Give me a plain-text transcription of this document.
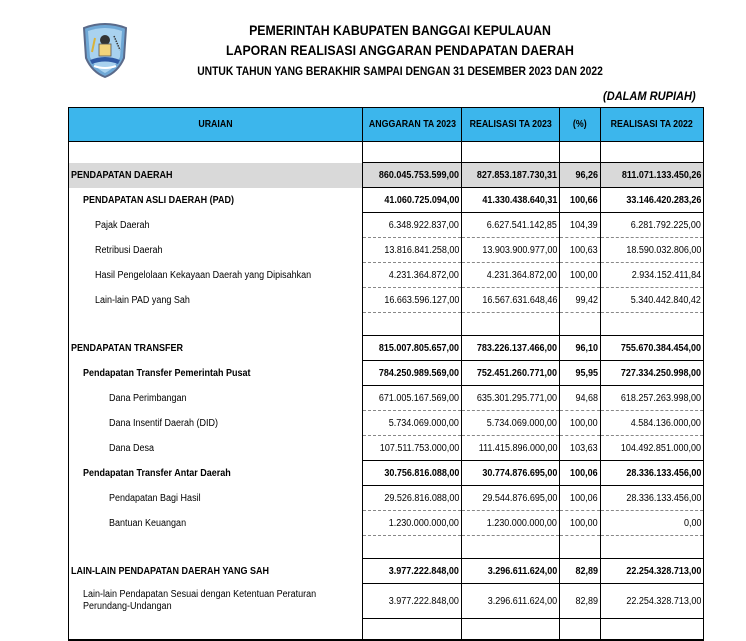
PEMERINTAH KABUPATEN BANGGAI KEPULAUAN
LAPORAN REALISASI ANGGARAN PENDAPATAN DAERAH
UNTUK TAHUN YANG BERAKHIR SAMPAI DENGAN 31 DESEMBER 2023 DAN 2022
(DALAM RUPIAH)
URAIAN	ANGGARAN TA 2023	REALISASI TA 2023	(%)	REALISASI TA 2022

PENDAPATAN DAERAH	860.045.753.599,00	827.853.187.730,31	96,26	811.071.133.450,26
PENDAPATAN ASLI DAERAH (PAD)	41.060.725.094,00	41.330.438.640,31	100,66	33.146.420.283,26
Pajak Daerah	6.348.922.837,00	6.627.541.142,85	104,39	6.281.792.225,00
Retribusi Daerah	13.816.841.258,00	13.903.900.977,00	100,63	18.590.032.806,00
Hasil Pengelolaan Kekayaan Daerah yang Dipisahkan	4.231.364.872,00	4.231.364.872,00	100,00	2.934.152.411,84
Lain-lain PAD yang Sah	16.663.596.127,00	16.567.631.648,46	99,42	5.340.442.840,42

PENDAPATAN TRANSFER	815.007.805.657,00	783.226.137.466,00	96,10	755.670.384.454,00
Pendapatan Transfer Pemerintah Pusat	784.250.989.569,00	752.451.260.771,00	95,95	727.334.250.998,00
Dana Perimbangan	671.005.167.569,00	635.301.295.771,00	94,68	618.257.263.998,00
Dana Insentif Daerah (DID)	5.734.069.000,00	5.734.069.000,00	100,00	4.584.136.000,00
Dana Desa	107.511.753.000,00	111.415.896.000,00	103,63	104.492.851.000,00
Pendapatan Transfer Antar Daerah	30.756.816.088,00	30.774.876.695,00	100,06	28.336.133.456,00
Pendapatan Bagi Hasil	29.526.816.088,00	29.544.876.695,00	100,06	28.336.133.456,00
Bantuan Keuangan	1.230.000.000,00	1.230.000.000,00	100,00	0,00

LAIN-LAIN PENDAPATAN DAERAH YANG SAH	3.977.222.848,00	3.296.611.624,00	82,89	22.254.328.713,00
Lain-lain Pendapatan Sesuai dengan Ketentuan Peraturan Perundang-Undangan	3.977.222.848,00	3.296.611.624,00	82,89	22.254.328.713,00
